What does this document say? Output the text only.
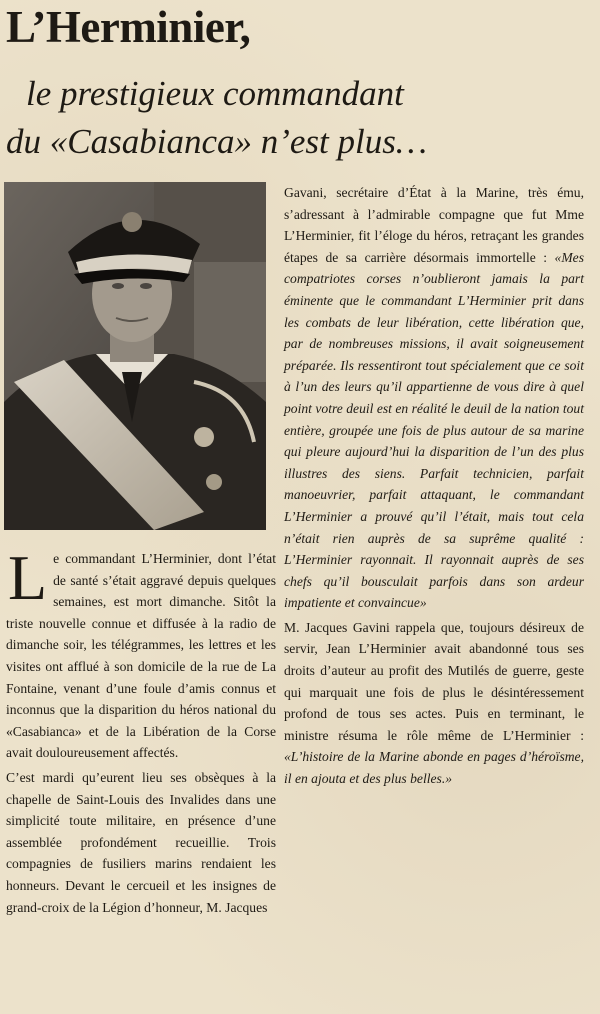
L’Herminier,
le prestigieux commandant
du «Casabianca» n’est plus…

Le commandant L’Herminier, dont l’état de santé s’était aggravé depuis quelques semaines, est mort dimanche. Sitôt la triste nouvelle connue et diffusée à la radio de dimanche soir, les télégrammes, les lettres et les visites ont afflué à son domicile de la rue de La Fontaine, venant d’une foule d’amis connus et inconnus que la disparition du héros national du «Casabianca» et de la Libération de la Corse avait douloureusement affectés.

C’est mardi qu’eurent lieu ses obsèques à la chapelle de Saint-Louis des Invalides dans une simplicité toute militaire, en présence d’une assemblée profondément recueillie. Trois compagnies de fusiliers marins rendaient les honneurs. Devant le cercueil et les insignes de grand-croix de la Légion d’honneur, M. Jacques

Gavani, secrétaire d’État à la Marine, très ému, s’adressant à l’admirable compagne que fut Mme L’Herminier, fit l’éloge du héros, retraçant les grandes étapes de sa carrière désormais immortelle : «Mes compatriotes corses n’oublieront jamais la part éminente que le commandant L’Herminier prit dans les combats de leur libération, cette libération que, par de nombreuses missions, il avait soigneusement préparée. Ils ressentiront tout spécialement que ce soit à l’un des leurs qu’il appartienne de vous dire à quel point votre deuil est en réalité le deuil de la nation tout entière, groupée une fois de plus autour de sa marine qui pleure aujourd’hui la disparition de l’un des plus illustres des siens. Parfait technicien, parfait manoeuvrier, parfait attaquant, le commandant L’Herminier a prouvé qu’il l’était, mais tout cela n’était rien auprès de sa suprême qualité : L’Herminier rayonnait. Il rayonnait auprès de ses chefs qu’il bousculait parfois dans son ardeur impatiente et convaincue»

M. Jacques Gavini rappela que, toujours désireux de servir, Jean L’Herminier avait abandonné tous ses droits d’auteur au profit des Mutilés de guerre, geste qui marquait une fois de plus le désintéressement profond de tous ses actes. Puis en terminant, le ministre résuma le rôle même de L’Herminier : «L’histoire de la Marine abonde en pages d’héroïsme, il en ajouta et des plus belles.»
